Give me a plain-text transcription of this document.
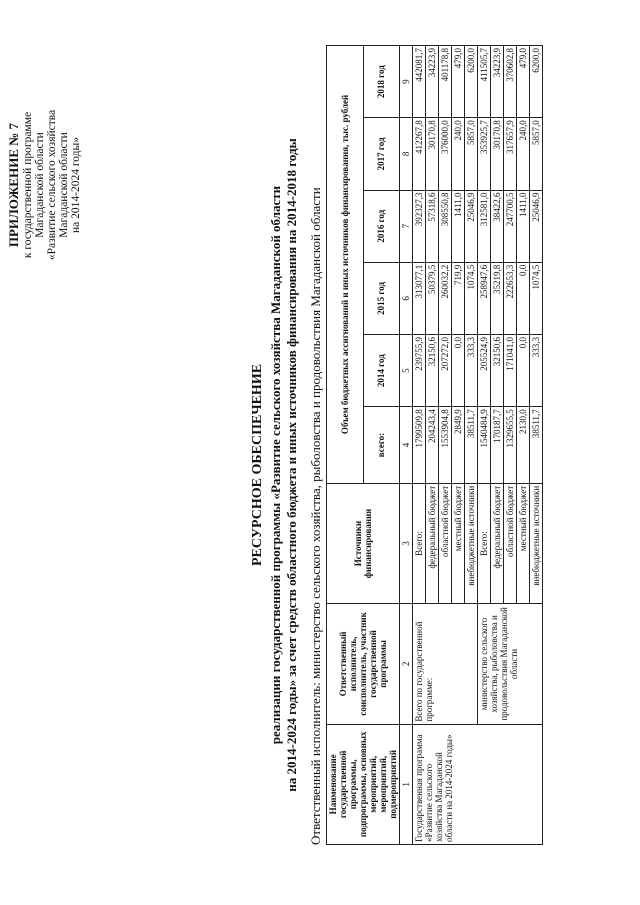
ПРИЛОЖЕНИЕ № 7 к государственной программе Магаданской области «Развитие сельского хозяйства Магаданской области на 2014-2024 годы»
РЕСУРСНОЕ ОБЕСПЕЧЕНИЕ реализации государственной программы «Развитие сельского хозяйства Магаданской области на 2014-2024 годы» за счет средств областного бюджета и иных источников финансирования на 2014-2018 годы Ответственный исполнитель: министерство сельского хозяйства, рыболовства и продовольствия Магаданской области Наименование государственной программы, подпрограммы, основных мероприятий, мероприятий, подмероприятий	Ответственный исполнитель, соисполнитель, участник государственной программы	Источники финансирования	Объем бюджетных ассигнований и иных источников финансирования, тыс. рублей					
			всего:	2014 год	2015 год	2016 год	2017 год	2018 год
1	2	3	4	5	6	7	8	9
Государственная программа «Развитие сельского хозяйства Магаданской области на 2014-2024 годы»	Всего по государственной программе:	Всего:	1799509,8	239755,9	313077,1	392327,3	412267,8	442081,7
		федеральный бюджет	204243,4	32150,6	50379,5	57318,6	30170,8	34223,9
		областной бюджет	1553904,8	207272,0	260032,2	308550,8	376000,0	401178,8
		местный бюджет	2849,9	0,0	719,9	1411,0	240,0	479,0
		внебюджетные источники	38511,7	333,3	1074,5	25046,9	5857,0	6200,0
	министерство сельского хозяйства, рыболовства и продовольствия Магаданской области	Всего:	1540484,9	205524,9	258947,6	312581,0	353925,7	411505,7
		федеральный бюджет	170187,7	32150,6	35219,8	38422,6	30170,8	34223,9
		областной бюджет	1329655,5	171041,0	222653,3	247700,5	317657,9	370602,8
		местный бюджет	2130,0	0,0	0,0	1411,0	240,0	479,0
		внебюджетные источники	38511,7	333,3	1074,5	25046,9	5857,0	6200,0
